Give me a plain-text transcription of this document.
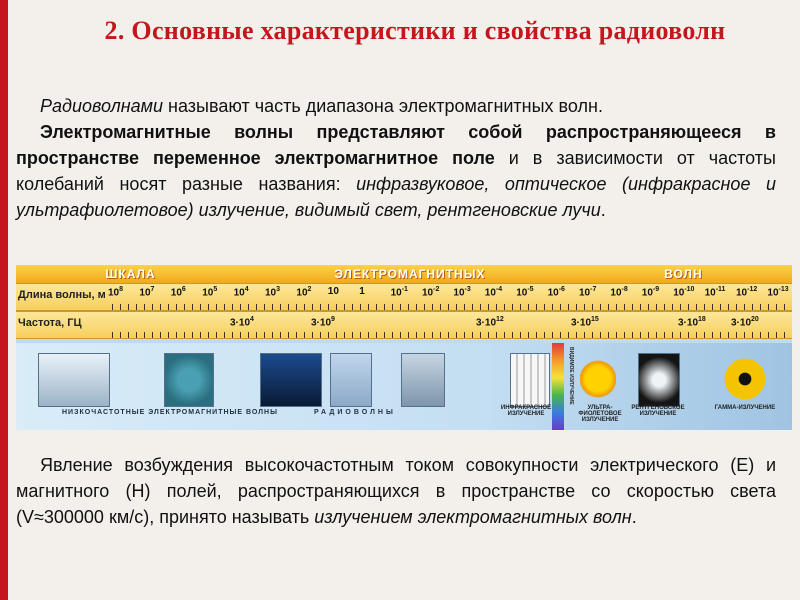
2. Основные характеристики и свойства радиоволн
Радиоволнами называют часть диапазона электромагнитных волн.
Электромагнитные волны представляют собой распространяющееся в пространстве переменное электромагнитное поле и в зависимости от частоты колебаний носят разные названия: инфразвуковое, оптическое (инфракрасное и ультрафиолетовое) излучение, видимый свет, рентгеновские лучи.
ШКАЛА	ЭЛЕКТРОМАГНИТНЫХ	ВОЛН
Длина волны, м $10^8$ $10^7$ $10^6$ $10^5$ $10^4$ $10^3$ $10^2$ 10 1	$10^{-1}$ $10^{-2}$ $10^{-3}$ $10^{-4}$ $10^{-5}$ $10^{-6}$ $10^{-7}$ $10^{-8}$ $10^{-9}$ $10^{-10}$ $10^{-11}$ $10^{-12}$ $10^{-13}$
Частота, ГЦ	$3\cdot 10^4$	$3\cdot 10^9$	$3\cdot 10^{12}$	$3\cdot 10^{15}$	$3\cdot 10^{18}$	$3\cdot 10^{20}$
НИЗКОЧАСТОТНЫЕ ЭЛЕКТРОМАГНИТНЫЕ ВОЛНЫ	РАДИОВОЛНЫ
ИНФРАКРАСНОЕ ИЗЛУЧЕНИЕ
ВИДИМОЕ ИЗЛУЧЕНИЕ
УЛЬТРА-ФИОЛЕТОВОЕ ИЗЛУЧЕНИЕ
РЕНТГЕНОВСКОЕ ИЗЛУЧЕНИЕ
ГАММА-ИЗЛУЧЕНИЕ
Явление возбуждения высокочастотным током совокупности электрического (Е) и магнитного (Н) полей, распространяющихся в пространстве со скоростью света (V≈300000 км/с), принято называть излучением электромагнитных волн.
